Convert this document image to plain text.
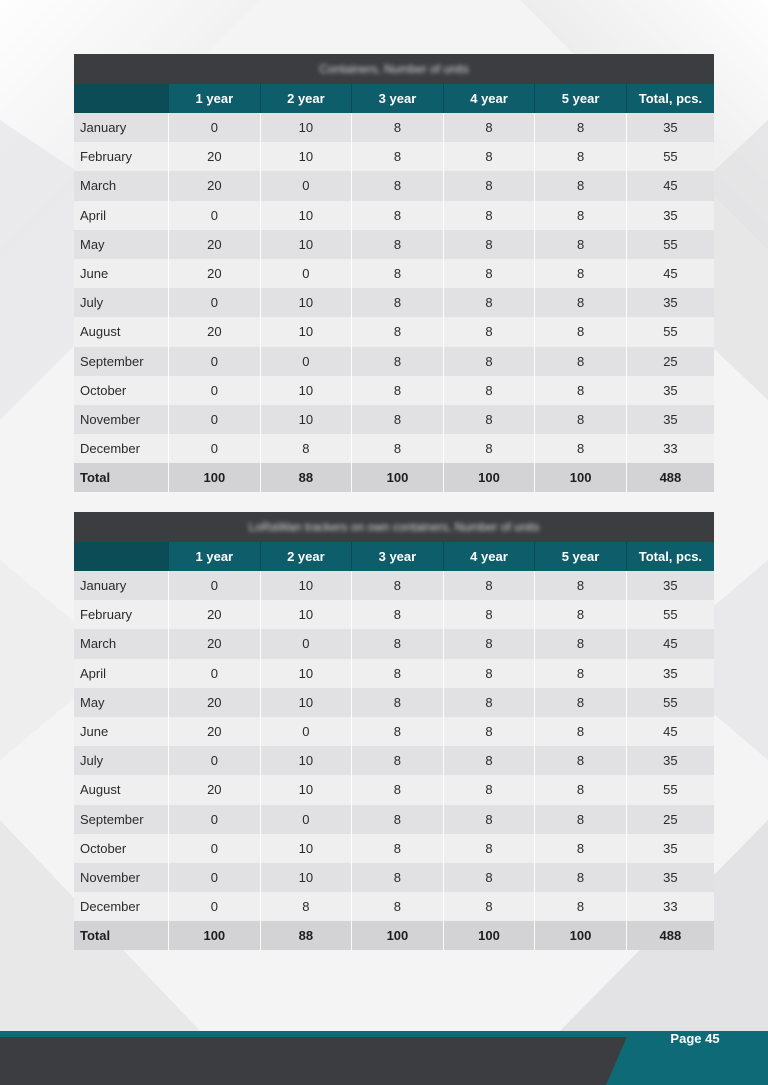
Containers, Number of units						
	1 year	2 year	3 year	4 year	5 year	Total, pcs.
January	0	10	8	8	8	35
February	20	10	8	8	8	55
March	20	0	8	8	8	45
April	0	10	8	8	8	35
May	20	10	8	8	8	55
June	20	0	8	8	8	45
July	0	10	8	8	8	35
August	20	10	8	8	8	55
September	0	0	8	8	8	25
October	0	10	8	8	8	35
November	0	10	8	8	8	35
December	0	8	8	8	8	33
Total	100	88	100	100	100	488
LoRaWan trackers on own containers, Number of units						
	1 year	2 year	3 year	4 year	5 year	Total, pcs.
January	0	10	8	8	8	35
February	20	10	8	8	8	55
March	20	0	8	8	8	45
April	0	10	8	8	8	35
May	20	10	8	8	8	55
June	20	0	8	8	8	45
July	0	10	8	8	8	35
August	20	10	8	8	8	55
September	0	0	8	8	8	25
October	0	10	8	8	8	35
November	0	10	8	8	8	35
December	0	8	8	8	8	33
Total	100	88	100	100	100	488
Page 45
